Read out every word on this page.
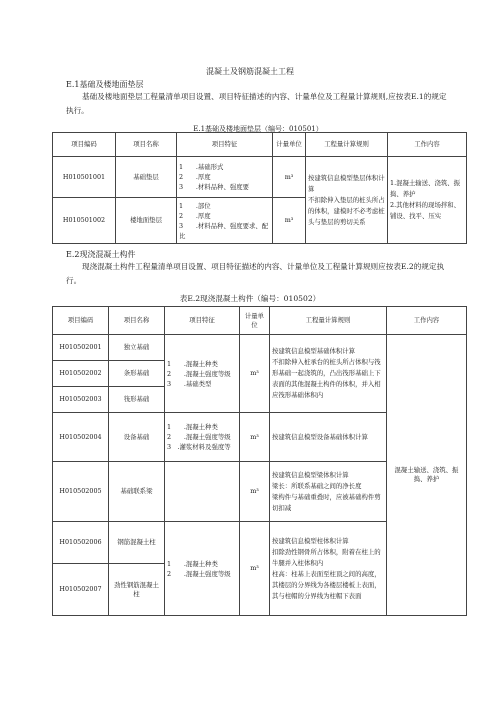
混凝土及钢筋混凝土工程
E.1基础及楼地面垫层
基础及楼地面垫层工程量清单项目设置、项目特征描述的内容、计量单位及工程量计算规则,应按表E.1的规定执行。
E.1基础及楼地面垫层（编号：010501）
项目编码	项目名称	项目特征	计量单位	工程量计算规则	工作内容
H010501001	基础垫层	1　　.基础形式
2　　.厚度
3　　.材料品种、强度要	m³	按建筑信息模型垫层体积计算
不扣除伸入垫层的桩头所占的体积，建模时不必考虑桩头与垫层的剪切关系	1.混凝土输送、浇筑、振捣、养护
2.其他材料的现场拌和、铺设、找平、压实
H010501002	楼地面垫层	1　　.部位
2　　.厚度
3　　.材料品种、强度要求、配比	m³		
E.2现浇混凝土构件
现浇混凝土构件工程量清单项目设置、项目特征描述的内容、计量单位及工程量计算规则应按表E.2的规定执行。
表E.2现浇混凝土构件（编号：010502）
项目编码	项目名称	项目特征	计量单位	工程量计算规则	工作内容
H010502001	独立基础	1　　.混凝土种类
2　　.混凝土强度等级
3　　.基础类型	m³	按建筑信息模型基础体积计算
不扣除伸入桩承台的桩头所占体积与筏形基础一起浇筑的，凸出筏形基础上下表面的其他混凝土构件的体积，并入相应筏形基础体积内	混凝土输送、浇筑、振捣、养护
H010502002	条形基础				
H010502003	筏形基础				
H010502004	设备基础	1　　.混凝土种类
2　　.混凝土强度等级
3　.灌浆材料及强度等	m³	按建筑信息模型设备基础体积计算	
H010502005	基础联系梁		m³	按建筑信息模型梁体积计算
梁长：所联系基础之间的净长度
梁构件与基础重叠时，应被基础构件剪切扣减	
H010502006	钢筋混凝土柱	1　　.混凝土种类
2　　.混凝土强度等级	m³	按建筑信息模型柱体积计算
扣除劲性钢骨所占体积，附着在柱上的牛腿并入柱体积内
柱高：柱基上表面至柱顶之间的高度，其楼层的分界线为各楼层楼板上表面，其与柱帽的分界线为柱帽下表面	
H010502007	劲性钢筋混凝土柱				
